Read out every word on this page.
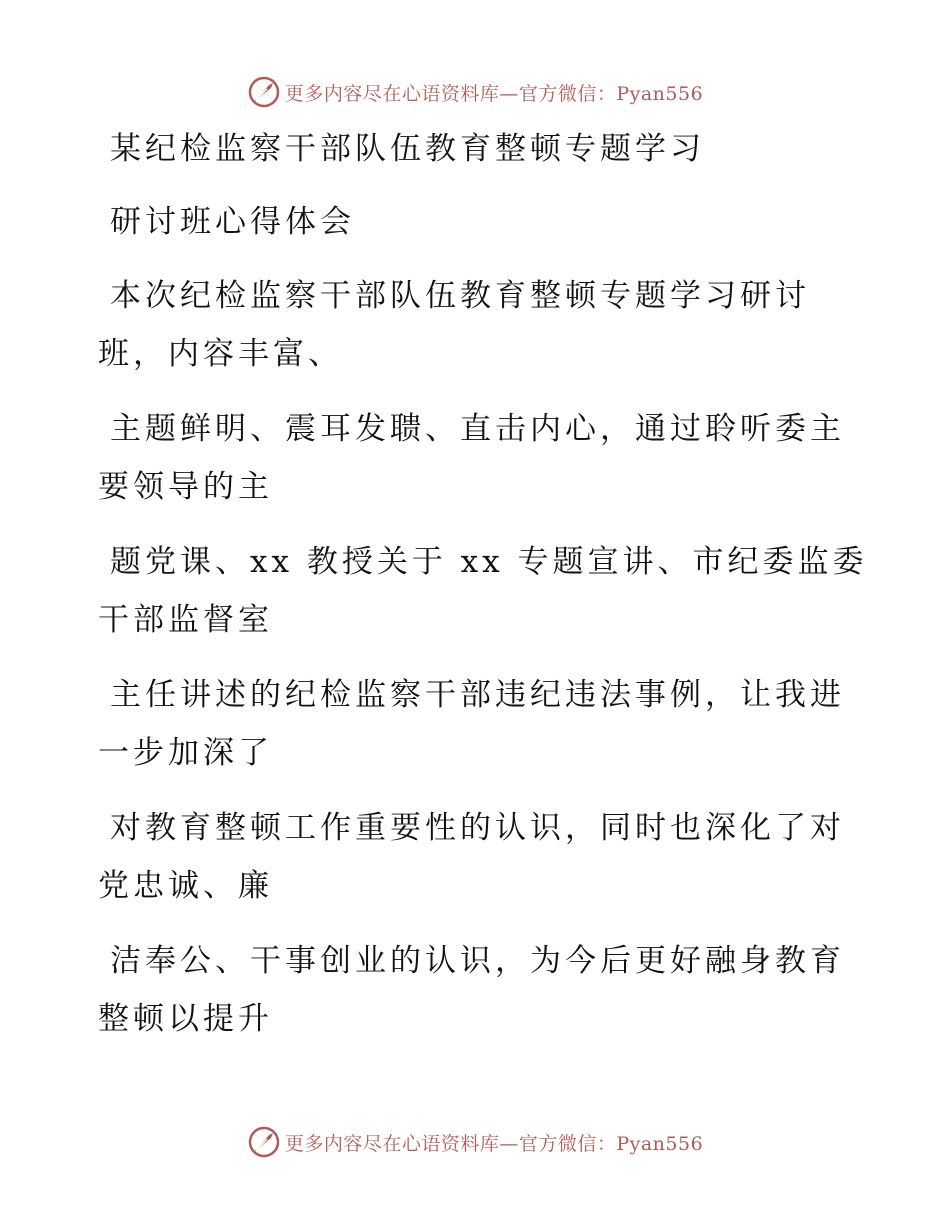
更多内容尽在心语资料库—官方微信：Pyan556
某纪检监察干部队伍教育整顿专题学习
研讨班心得体会
本次纪检监察干部队伍教育整顿专题学习研讨
班，内容丰富、
主题鲜明、震耳发聩、直击内心，通过聆听委主
要领导的主
题党课、xx 教授关于 xx 专题宣讲、市纪委监委
干部监督室
主任讲述的纪检监察干部违纪违法事例，让我进
一步加深了
对教育整顿工作重要性的认识，同时也深化了对
党忠诚、廉
洁奉公、干事创业的认识，为今后更好融身教育
整顿以提升
更多内容尽在心语资料库—官方微信：Pyan556
